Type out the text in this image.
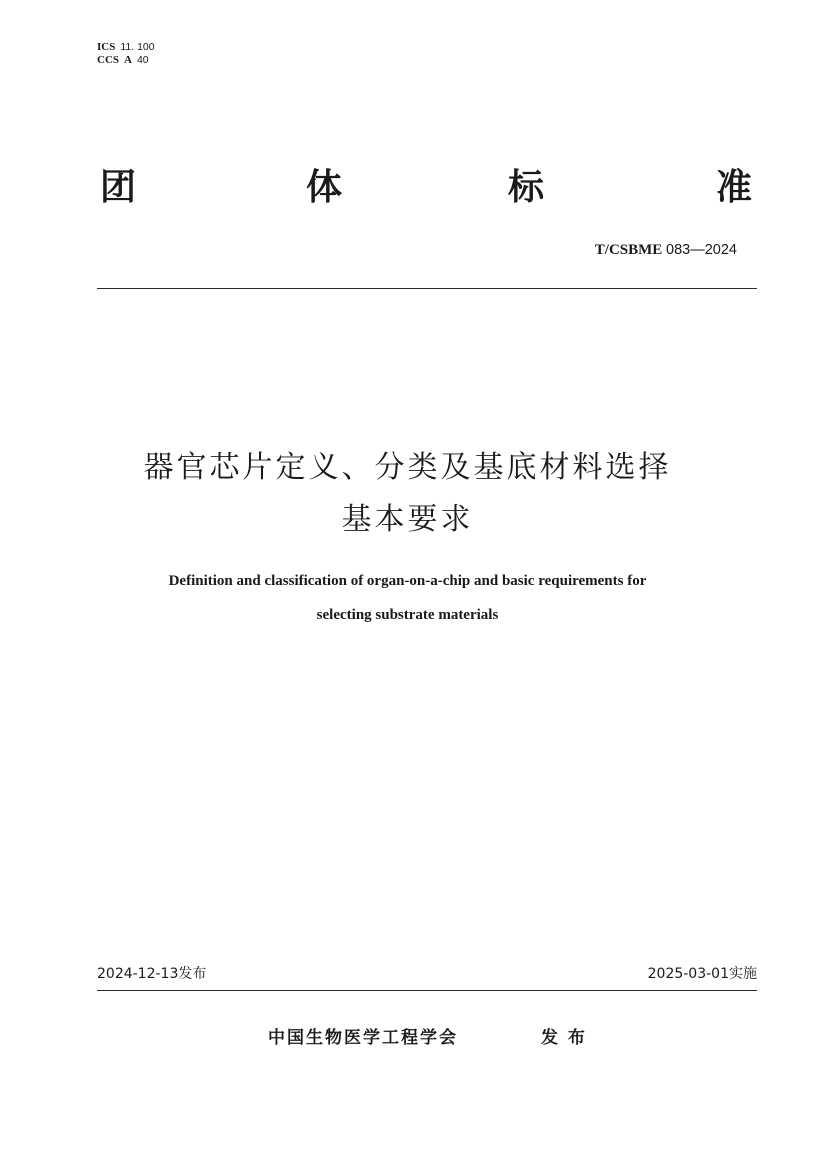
ICS 11. 100
CCS A 40
团	体	标	准
T/CSBME 083—2024
器官芯片定义、分类及基底材料选择
基本要求
Definition and classification of organ-on-a-chip and basic requirements for
selecting substrate materials
2024-12-13发布	2025-03-01实施
中国生物医学工程学会	发 布
